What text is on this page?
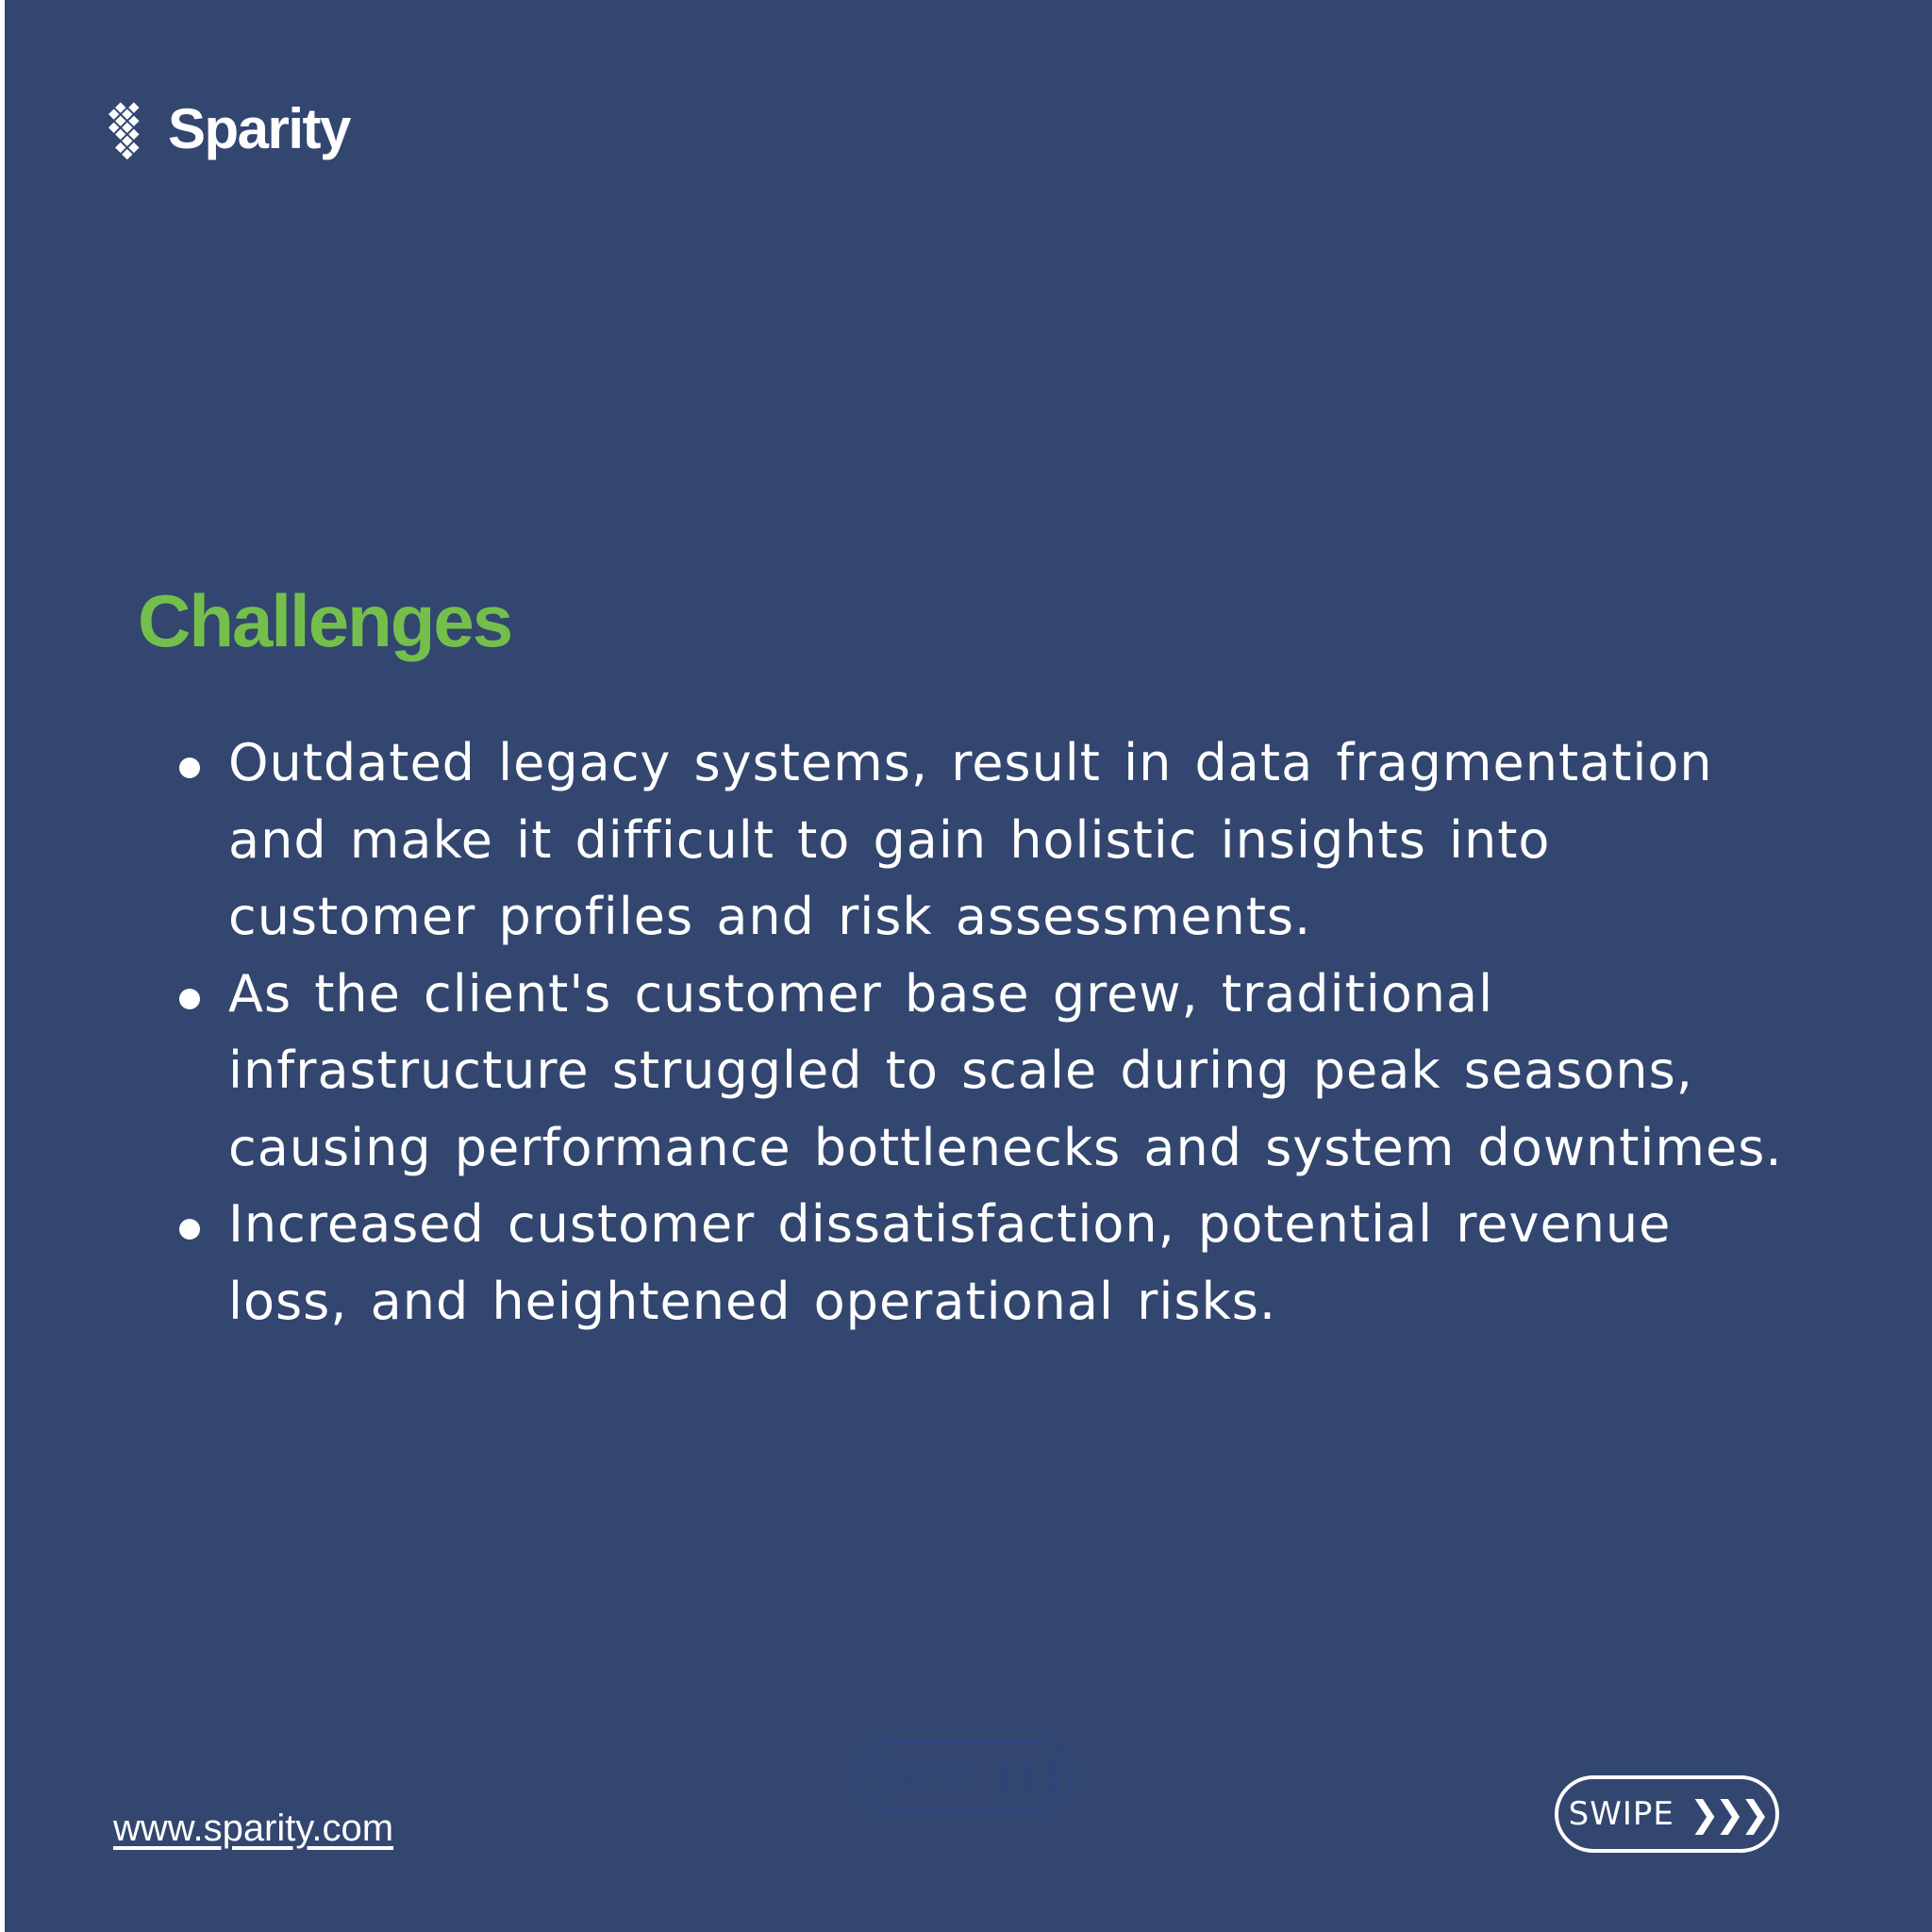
Sparity
Challenges
Outdated legacy systems, result in data fragmentation and make it difficult to gain holistic insights into customer profiles and risk assessments.
As the client's customer base grew, traditional infrastructure struggled to scale during peak seasons, causing performance bottlenecks and system downtimes.
Increased customer dissatisfaction, potential revenue loss, and heightened operational risks.
SWIPE ❯❯❯
www.sparity.com	SWIPE ❯❯❯
